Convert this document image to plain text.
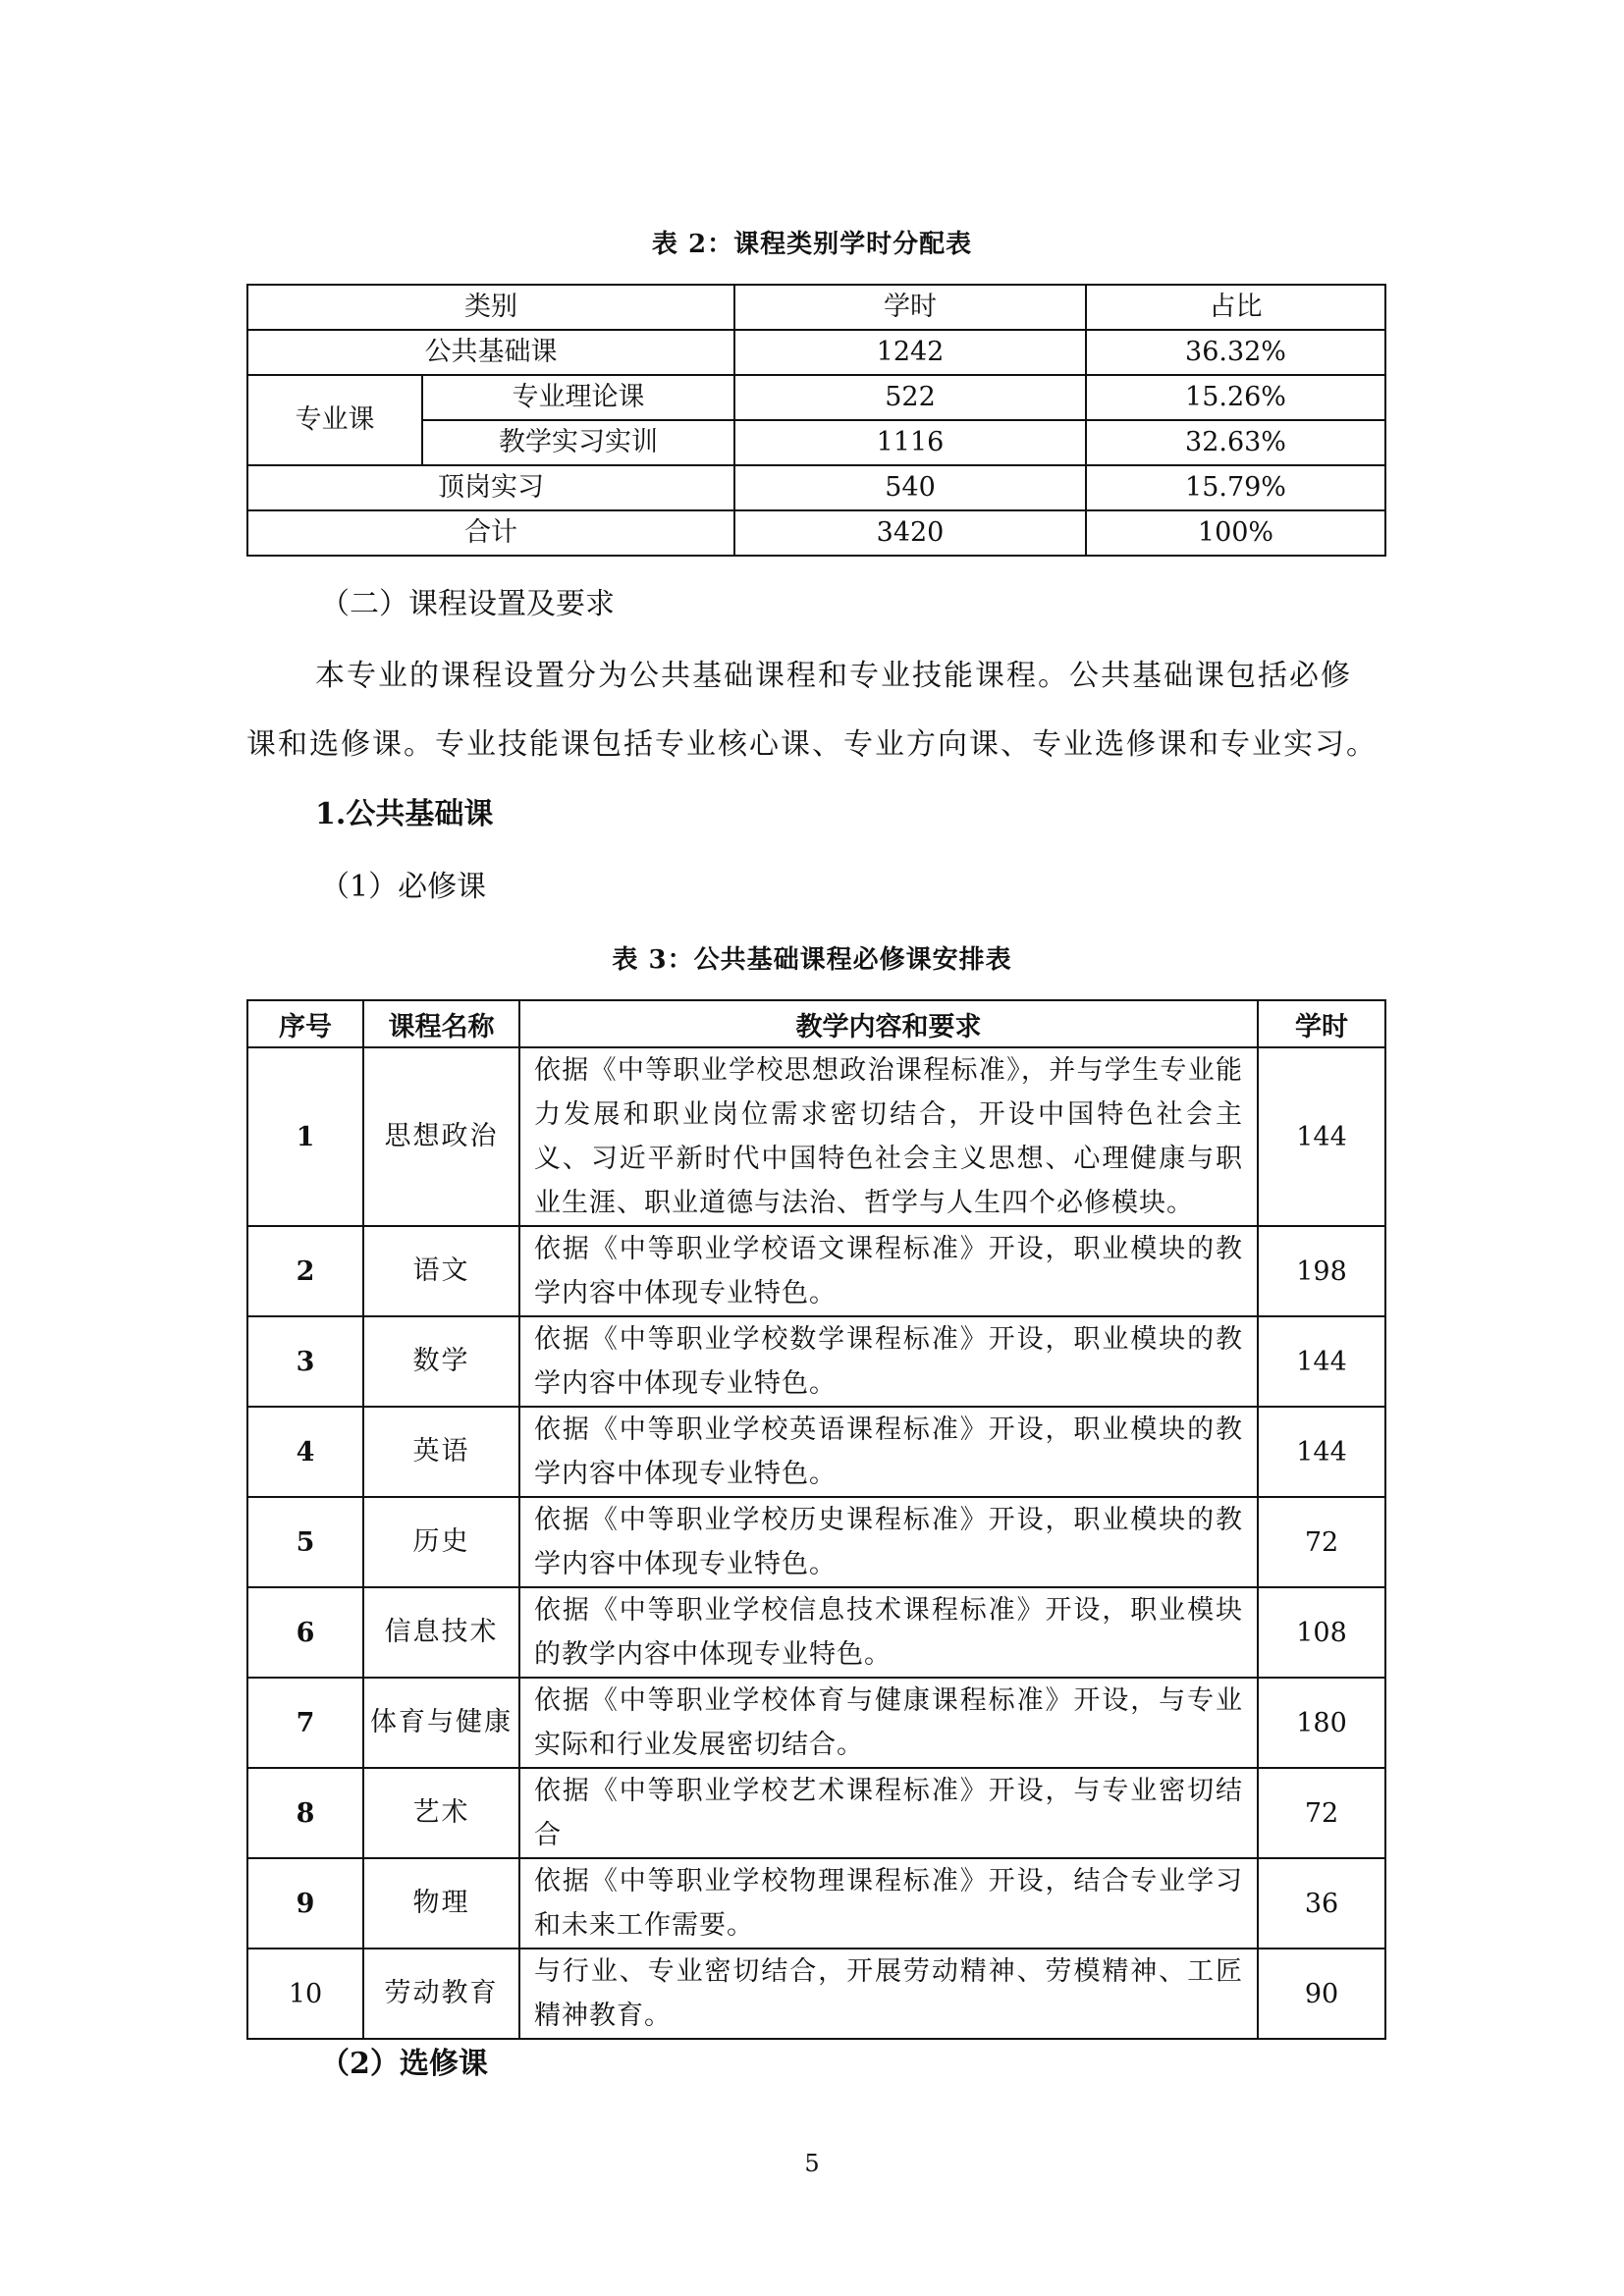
表 2：课程类别学时分配表
类别		学时	占比
公共基础课		1242	36.32%
专业课	专业理论课	522	15.26%
	教学实习实训	1116	32.63%
顶岗实习		540	15.79%
合计		3420	100%
（二）课程设置及要求
本专业的课程设置分为公共基础课程和专业技能课程。公共基础课包括必修
课和选修课。专业技能课包括专业核心课、专业方向课、专业选修课和专业实习。
1.公共基础课
（1）必修课
表 3：公共基础课程必修课安排表
序号	课程名称	教学内容和要求	学时
1	思想政治	依据《中等职业学校思想政治课程标准》，并与学生专业能力发展和职业岗位需求密切结合，开设中国特色社会主义、习近平新时代中国特色社会主义思想、心理健康与职业生涯、职业道德与法治、哲学与人生四个必修模块。	144
2	语文	依据《中等职业学校语文课程标准》开设，职业模块的教学内容中体现专业特色。	198
3	数学	依据《中等职业学校数学课程标准》开设，职业模块的教学内容中体现专业特色。	144
4	英语	依据《中等职业学校英语课程标准》开设，职业模块的教学内容中体现专业特色。	144
5	历史	依据《中等职业学校历史课程标准》开设，职业模块的教学内容中体现专业特色。	72
6	信息技术	依据《中等职业学校信息技术课程标准》开设，职业模块的教学内容中体现专业特色。	108
7	体育与健康	依据《中等职业学校体育与健康课程标准》开设，与专业实际和行业发展密切结合。	180
8	艺术	依据《中等职业学校艺术课程标准》开设，与专业密切结合	72
9	物理	依据《中等职业学校物理课程标准》开设，结合专业学习和未来工作需要。	36
10	劳动教育	与行业、专业密切结合，开展劳动精神、劳模精神、工匠精神教育。	90
（2）选修课
5
